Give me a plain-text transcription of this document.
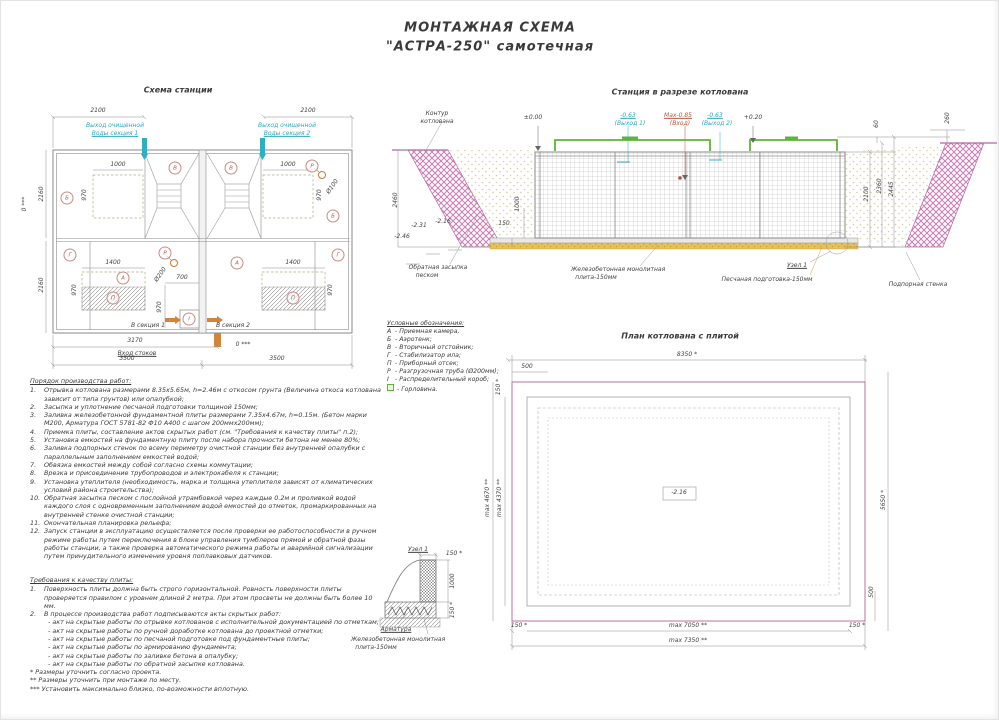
МОНТАЖНАЯ СХЕМА
"АСТРА-250" самотечная
Схема станции
2100	2100
Выход очищенной
Воды секция 1
Выход очищенной
Воды секция 2
2160
2160
0 ***
1000	1000
970	970
970	970
970
1400	1400
700
Ø100
Ø200
3170
Вход стоков
0 ***
3500	3500
В секция 1	В секция 2
Б
В	В
Б
Р
Г
А
П
Р
А
П
Г
I
Станция в разрезе котлована
Контур
котлована
±0.00	-0.63
(Выход 1)
Max-0.85
(Вход)
-0.63
(Выход 2)
+0.20
60
260
2100
2360 2445
2460
150
1000
-2.16
-2.31
-2.46
Обратная засыпка
песком
Железобетонная монолитная
плита-150мм
Узел 1
Песчаная подготовка-150мм
Подпорная стенка
Условные обозначения:
А - Приемная камера,
Б - Аэротенк;
В - Вторичный отстойник;
Г - Стабилизатор ила;
П - Приборный отсек;
Р - Разгрузочная труба (Ø200мм);
I - Распределительный короб;
- Горловина.
План котлована с плитой
8350 *
500
150 *
max 4670 ** max 4370 **	5650 *
500
-2.16
150 *	150 *
max 7050 **
max 7350 **
Узел 1
150 *
1000
150 *
Арматура
Железобетонная монолитная
плита-150мм
Порядок производства работ:
1.	Отрывка котлована размерами 8.35х5.65м, h=2.46м с откосом грунта (Величина откоса котлована зависит от типа грунтов) или опалубкой;
2.	Засыпка и уплотнение песчаной подготовки толщиной 150мм;
3.	Заливка железобетонной фундаментной плиты размерами 7.35х4.67м, h=0.15м. (Бетон марки М200, Арматура ГОСТ 5781-82 Ф10 А400 с шагом 200ммх200мм);
4.	Приемка плиты, составление актов скрытых работ (см. "Требования к качеству плиты" п.2);
5.	Установка емкостей на фундаментную плиту после набора прочности бетона не менее 80%;
6.	Заливка подпорных стенок по всему периметру очистной станции без внутренней опалубки с параллельным заполнением емкостей водой;
7.	Обвязка емкостей между собой согласно схемы коммутации;
8.	Врезка и присоединение трубопроводов и электрокабеля к станции;
9.	Установка утеплителя (необходимость, марка и толщина утеплителя зависят от климатических условий района строительства);
10. Обратная засыпка песком с послойной утрамбовкой через каждые 0.2м и проливкой водой каждого слоя с одновременным заполнением водой емкостей до отметок, промаркированных на внутренней стенке очистной станции;
11. Окончательная планировка рельефа;
12. Запуск станции в эксплуатацию осуществляется после проверки ее работоспособности в ручном режиме работы путем переключения в блоке управления тумблеров прямой и обратной фазы работы станции, а также проверка автоматического режима работы и аварийной сигнализации путем принудительного изменения уровня поплавковых датчиков.
Требования к качеству плиты:
1.	Поверхность плиты должна быть строго горизонтальной. Ровность поверхности плиты проверяется правилом с уровнем длиной 2 метра. При этом просветы не должны быть более 10 мм.
2.	В процессе производства работ подписываются акты скрытых работ:
- акт на скрытые работы по отрывке котлованов с исполнительной документацией по отметкам;
- акт на скрытые работы по ручной доработке котлована до проектной отметки;
- акт на скрытые работы по песчаной подготовке под фундаментные плиты;
- акт на скрытые работы по армированию фундамента;
- акт на скрытые работы по заливке бетона в опалубку;
- акт на скрытые работы по обратной засыпке котлована.
* Размеры уточнить согласно проекта.
** Размеры уточнить при монтаже по месту.
*** Установить максимально близко, по-возможности вплотную.
